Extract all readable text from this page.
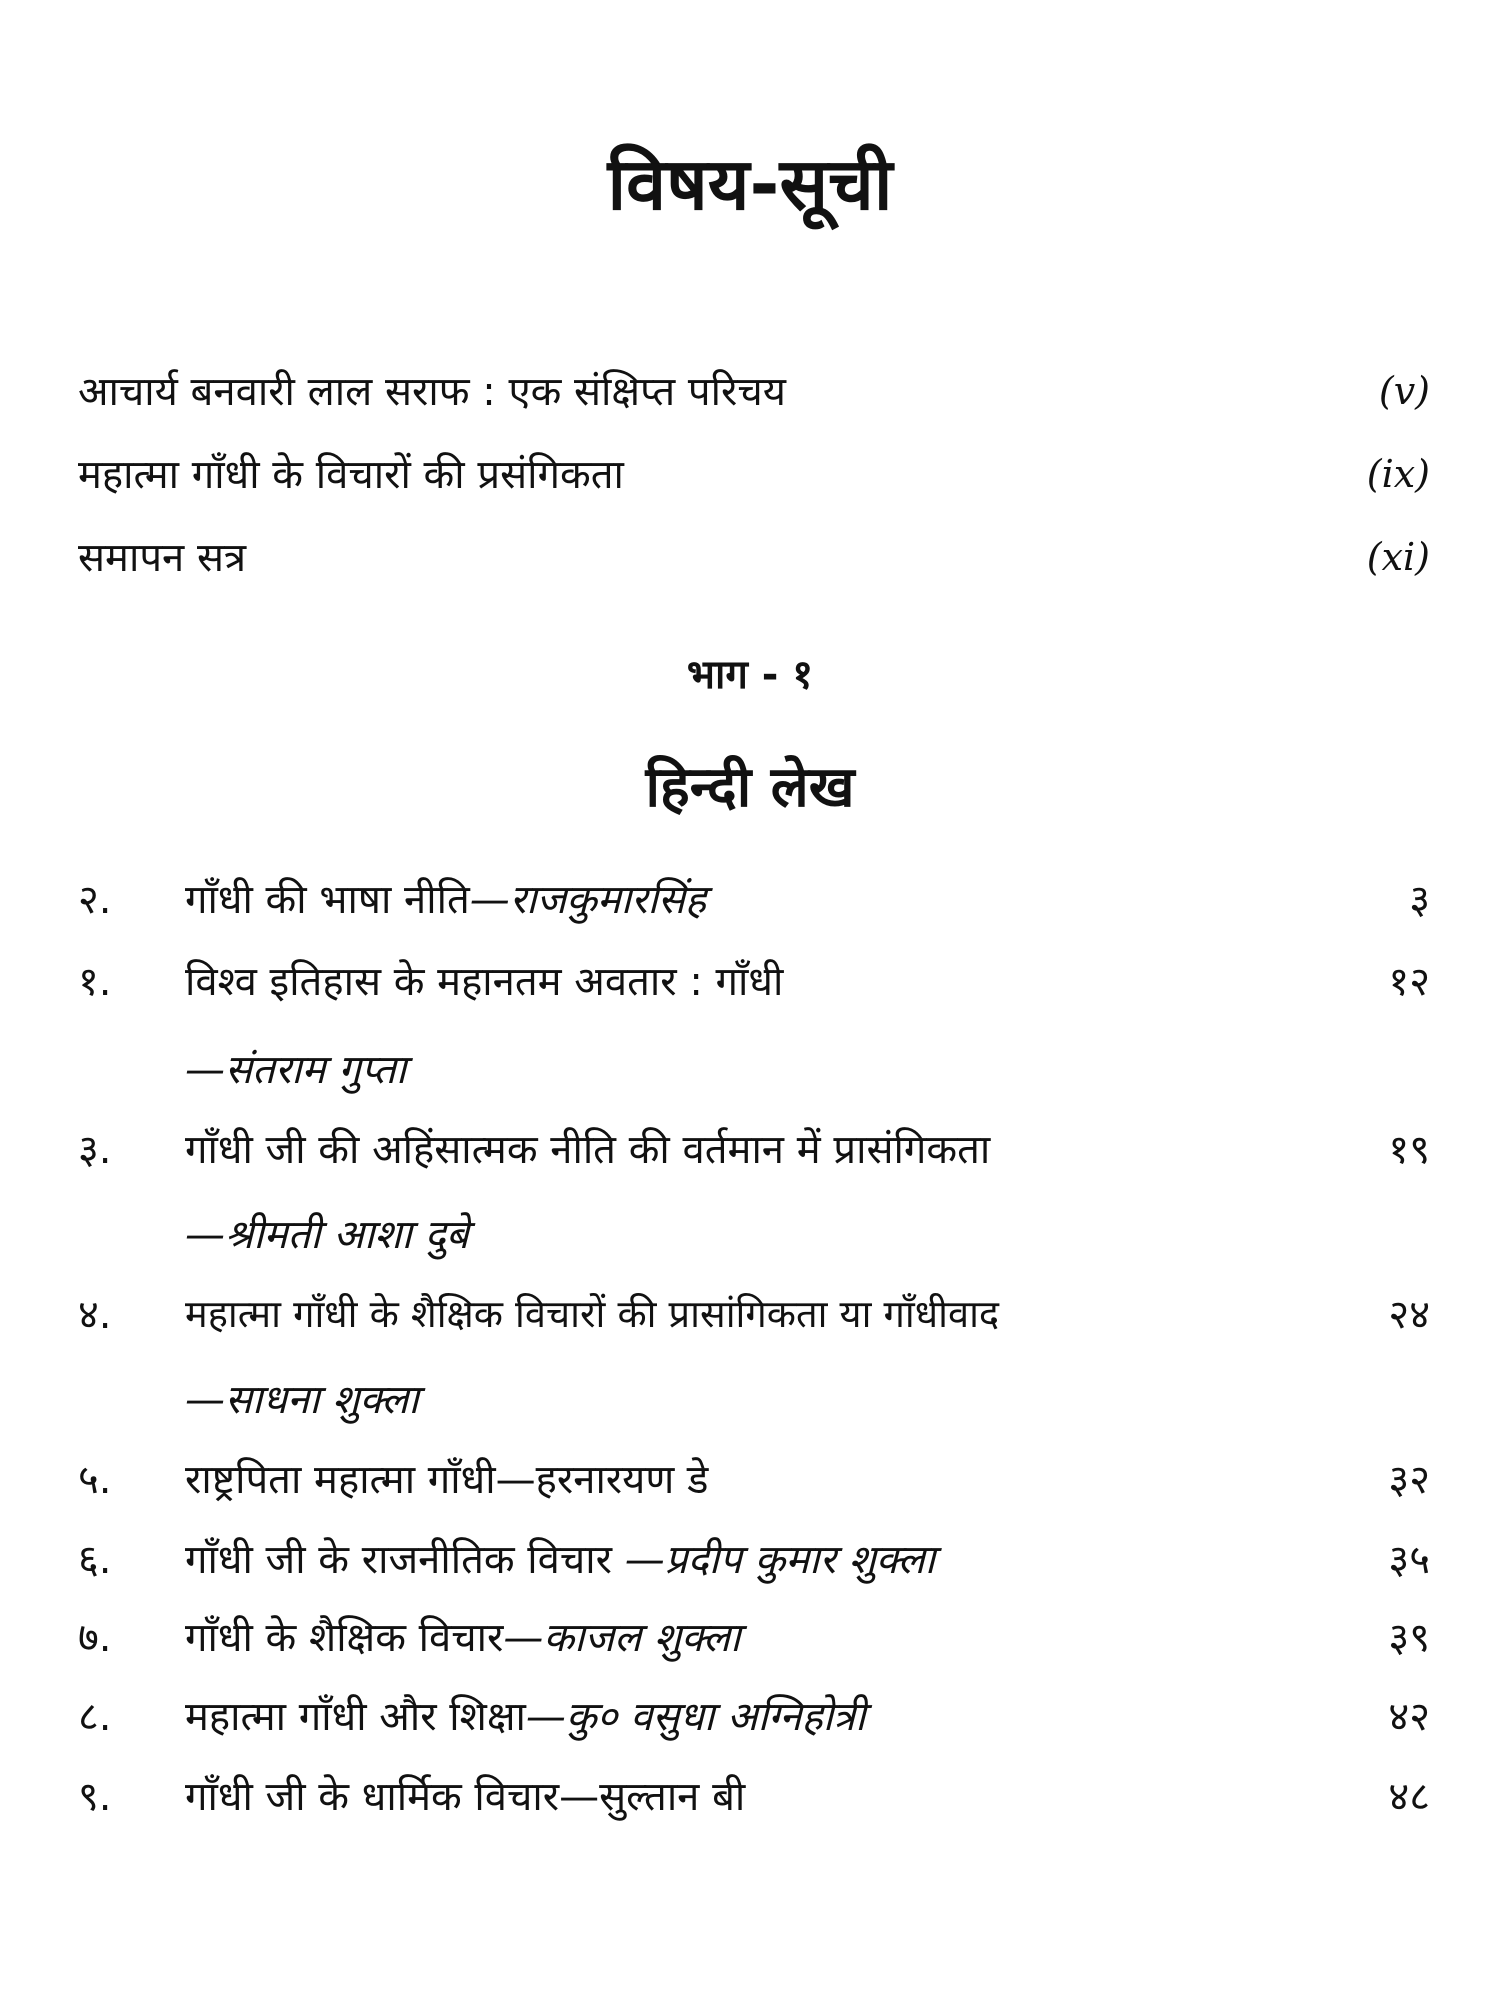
विषय-सूची
आचार्य बनवारी लाल सराफ : एक संक्षिप्त परिचय	(v)
महात्मा गाँधी के विचारों की प्रसंगिकता	(ix)
समापन सत्र	(xi)
भाग - १
हिन्दी लेख
२. गाँधी की भाषा नीति—राजकुमारसिंह	३
१. विश्व इतिहास के महानतम अवतार : गाँधी	१२
—संतराम गुप्ता
३. गाँधी जी की अहिंसात्मक नीति की वर्तमान में प्रासंगिकता	१९
—श्रीमती आशा दुबे
४. महात्मा गाँधी के शैक्षिक विचारों की प्रासांगिकता या गाँधीवाद	२४
—साधना शुक्ला
५. राष्ट्रपिता महात्मा गाँधी—हरनारयण डे	३२
६. गाँधी जी के राजनीतिक विचार —प्रदीप कुमार शुक्ला	३५
७. गाँधी के शैक्षिक विचार—काजल शुक्ला	३९
८. महात्मा गाँधी और शिक्षा—कु० वसुधा अग्निहोत्री	४२
९. गाँधी जी के धार्मिक विचार—सुल्तान बी	४८
